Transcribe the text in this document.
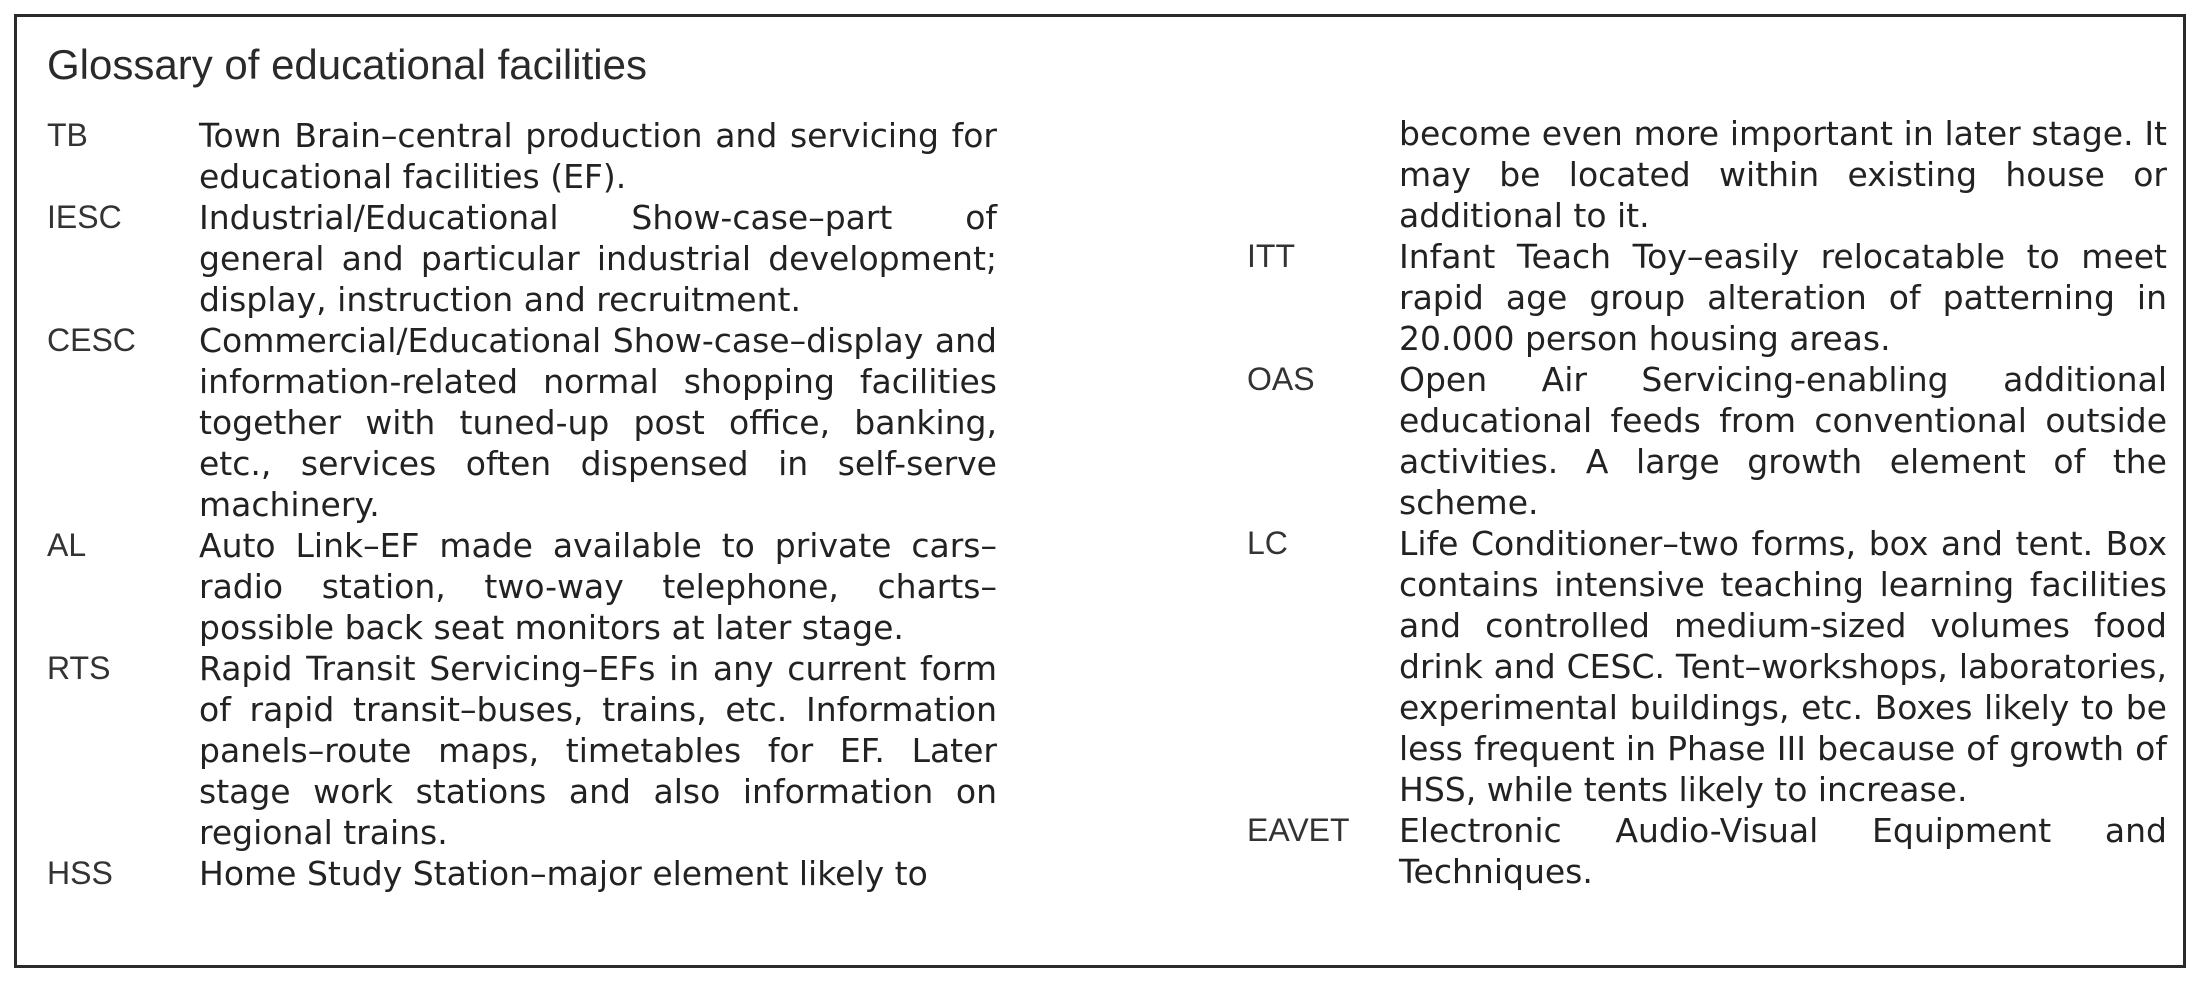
Glossary of educational facilities
TB	Town Brain–central production and servicing for educational facilities (EF).
IESC	Industrial/Educational Show-case–part of general and particular industrial development; display, instruction and recruitment.
CESC	Commercial/Educational Show-case–display and information-related normal shopping facilities together with tuned-up post office, banking, etc., services often dispensed in self-serve machinery.
AL	Auto Link–EF made available to private cars–radio station, two-way telephone, charts–possible back seat monitors at later stage.
RTS	Rapid Transit Servicing–EFs in any current form of rapid transit–buses, trains, etc. Information panels–route maps, timetables for EF. Later stage work stations and also information on regional trains.
HSS	Home Study Station–major element likely to
become even more important in later stage. It may be located within existing house or additional to it.
ITT	Infant Teach Toy–easily relocatable to meet rapid age group alteration of patterning in 20.000 person housing areas.
OAS	Open Air Servicing-enabling additional educational feeds from conventional outside activities. A large growth element of the scheme.
LC	Life Conditioner–two forms, box and tent. Box contains intensive teaching learning facilities and controlled medium-sized volumes food drink and CESC. Tent–workshops, laboratories, experimental buildings, etc. Boxes likely to be less frequent in Phase III because of growth of HSS, while tents likely to increase.
EAVET	Electronic Audio-Visual Equipment and Techniques.
